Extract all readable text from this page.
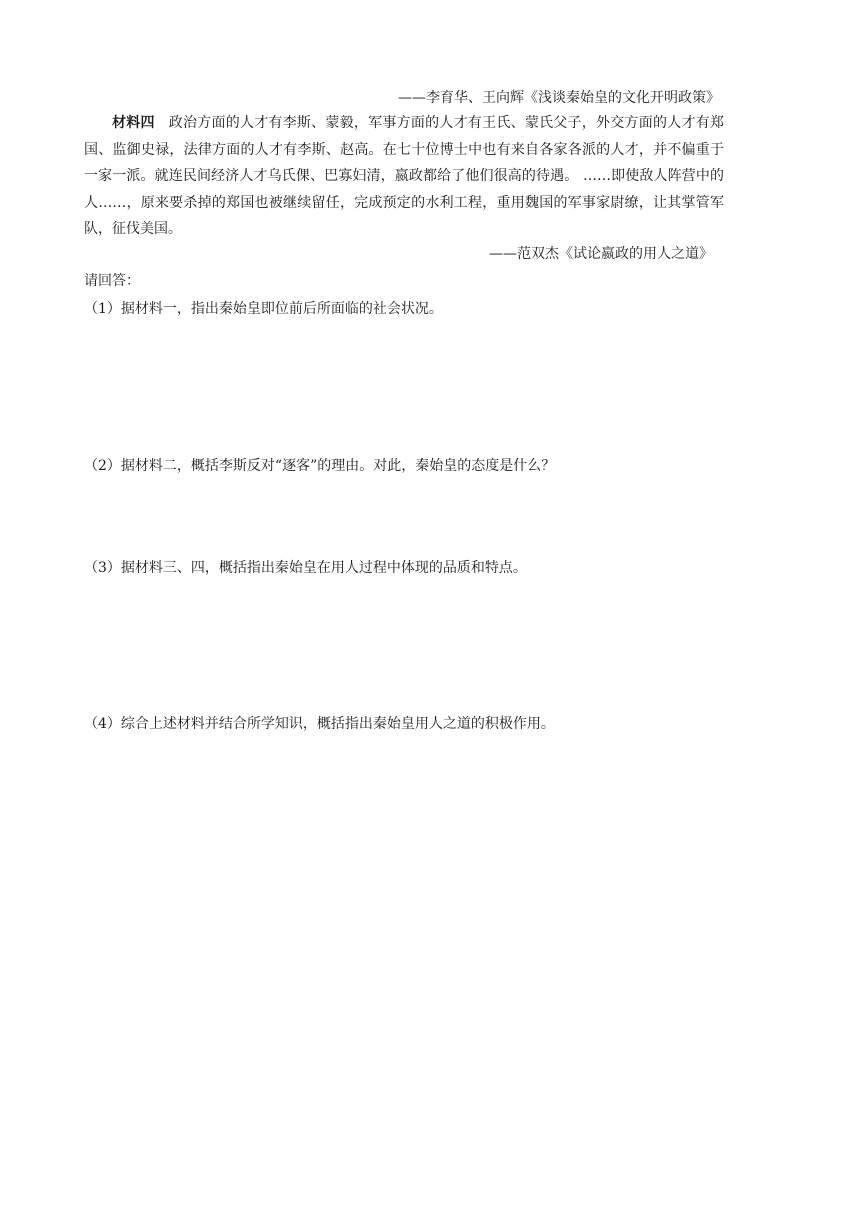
——李育华、王向辉《浅谈秦始皇的文化开明政策》
材料四 政治方面的人才有李斯、蒙毅，军事方面的人才有王氏、蒙氏父子，外交方面的人才有郑国、监御史禄，法律方面的人才有李斯、赵高。在七十位博士中也有来自各家各派的人才，并不偏重于一家一派。就连民间经济人才乌氏倮、巴寡妇清，嬴政都给了他们很高的待遇。 ……即使敌人阵营中的人……，原来要杀掉的郑国也被继续留任，完成预定的水利工程，重用魏国的军事家尉缭，让其掌管军队，征伐美国。
——范双杰《试论嬴政的用人之道》
请回答：
（1）据材料一，指出秦始皇即位前后所面临的社会状况。
（2）据材料二，概括李斯反对“逐客”的理由。对此，秦始皇的态度是什么？
（3）据材料三、四，概括指出秦始皇在用人过程中体现的品质和特点。
（4）综合上述材料并结合所学知识，概括指出秦始皇用人之道的积极作用。
